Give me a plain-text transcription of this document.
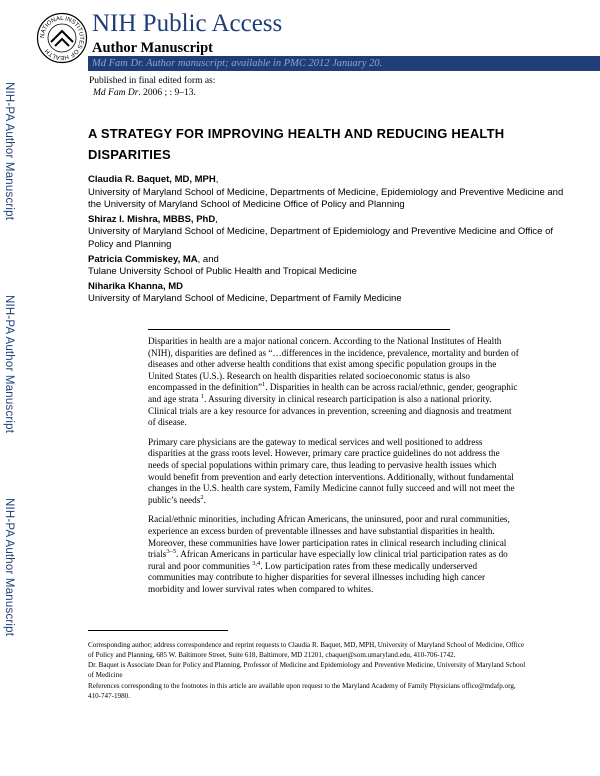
NATIONAL INSTITUTES OF HEALTH
NIH Public Access
Author Manuscript
Md Fam Dr. Author manuscript; available in PMC 2012 January 20.
NIH-PA Author Manuscript
NIH-PA Author Manuscript
NIH-PA Author Manuscript
Published in final edited form as:
Md Fam Dr. 2006 ; : 9–13.
A STRATEGY FOR IMPROVING HEALTH AND REDUCING HEALTH DISPARITIES
Claudia R. Baquet, MD, MPH,
University of Maryland School of Medicine, Departments of Medicine, Epidemiology and Preventive Medicine and the University of Maryland School of Medicine Office of Policy and Planning
Shiraz I. Mishra, MBBS, PhD,
University of Maryland School of Medicine, Department of Epidemiology and Preventive Medicine and Office of Policy and Planning
Patricia Commiskey, MA, and
Tulane University School of Public Health and Tropical Medicine
Niharika Khanna, MD
University of Maryland School of Medicine, Department of Family Medicine

Disparities in health are a major national concern. According to the National Institutes of Health (NIH), disparities are defined as “…differences in the incidence, prevalence, mortality and burden of diseases and other adverse health conditions that exist among specific population groups in the United States (U.S.). Research on health disparities related socioeconomic status is also encompassed in the definition”$^1$. Disparities in health can be across racial/ethnic, gender, geographic and age strata $^1$. Assuring diversity in clinical research participation is also a national priority. Clinical trials are a key resource for advances in prevention, screening and diagnosis and treatment of disease.

Primary care physicians are the gateway to medical services and well positioned to address disparities at the grass roots level. However, primary care practice guidelines do not address the needs of special populations within primary care, thus leading to pervasive health issues which would benefit from prevention and early detection interventions. Additionally, without fundamental changes in the U.S. health care system, Family Medicine cannot fully succeed and will not meet the public’s needs$^2$.

Racial/ethnic minorities, including African Americans, the uninsured, poor and rural communities, experience an excess burden of preventable illnesses and have substantial disparities in health. Moreover, these communities have lower participation rates in clinical research including clinical trials$^{3-5}$. African Americans in particular have especially low clinical trial participation rates as do rural and poor communities $^{3,4}$. Low participation rates from these medically underserved communities may contribute to higher disparities for several illnesses including high cancer morbidity and lower survival rates when compared to whites.

Corresponding author; address correspondence and reprint requests to Claudia R. Baquet, MD, MPH, University of Maryland School of Medicine, Office of Policy and Planning, 685 W. Baltimore Street, Suite 618, Baltimore, MD 21201, cbaquet@som.umaryland.edu, 410-706-1742.

Dr. Baquet is Associate Dean for Policy and Planning, Professor of Medicine and Epidemiology and Preventive Medicine, University of Maryland School of Medicine

References corresponding to the footnotes in this article are available upon request to the Maryland Academy of Family Physicians office@mdafp.org, 410-747-1980.
